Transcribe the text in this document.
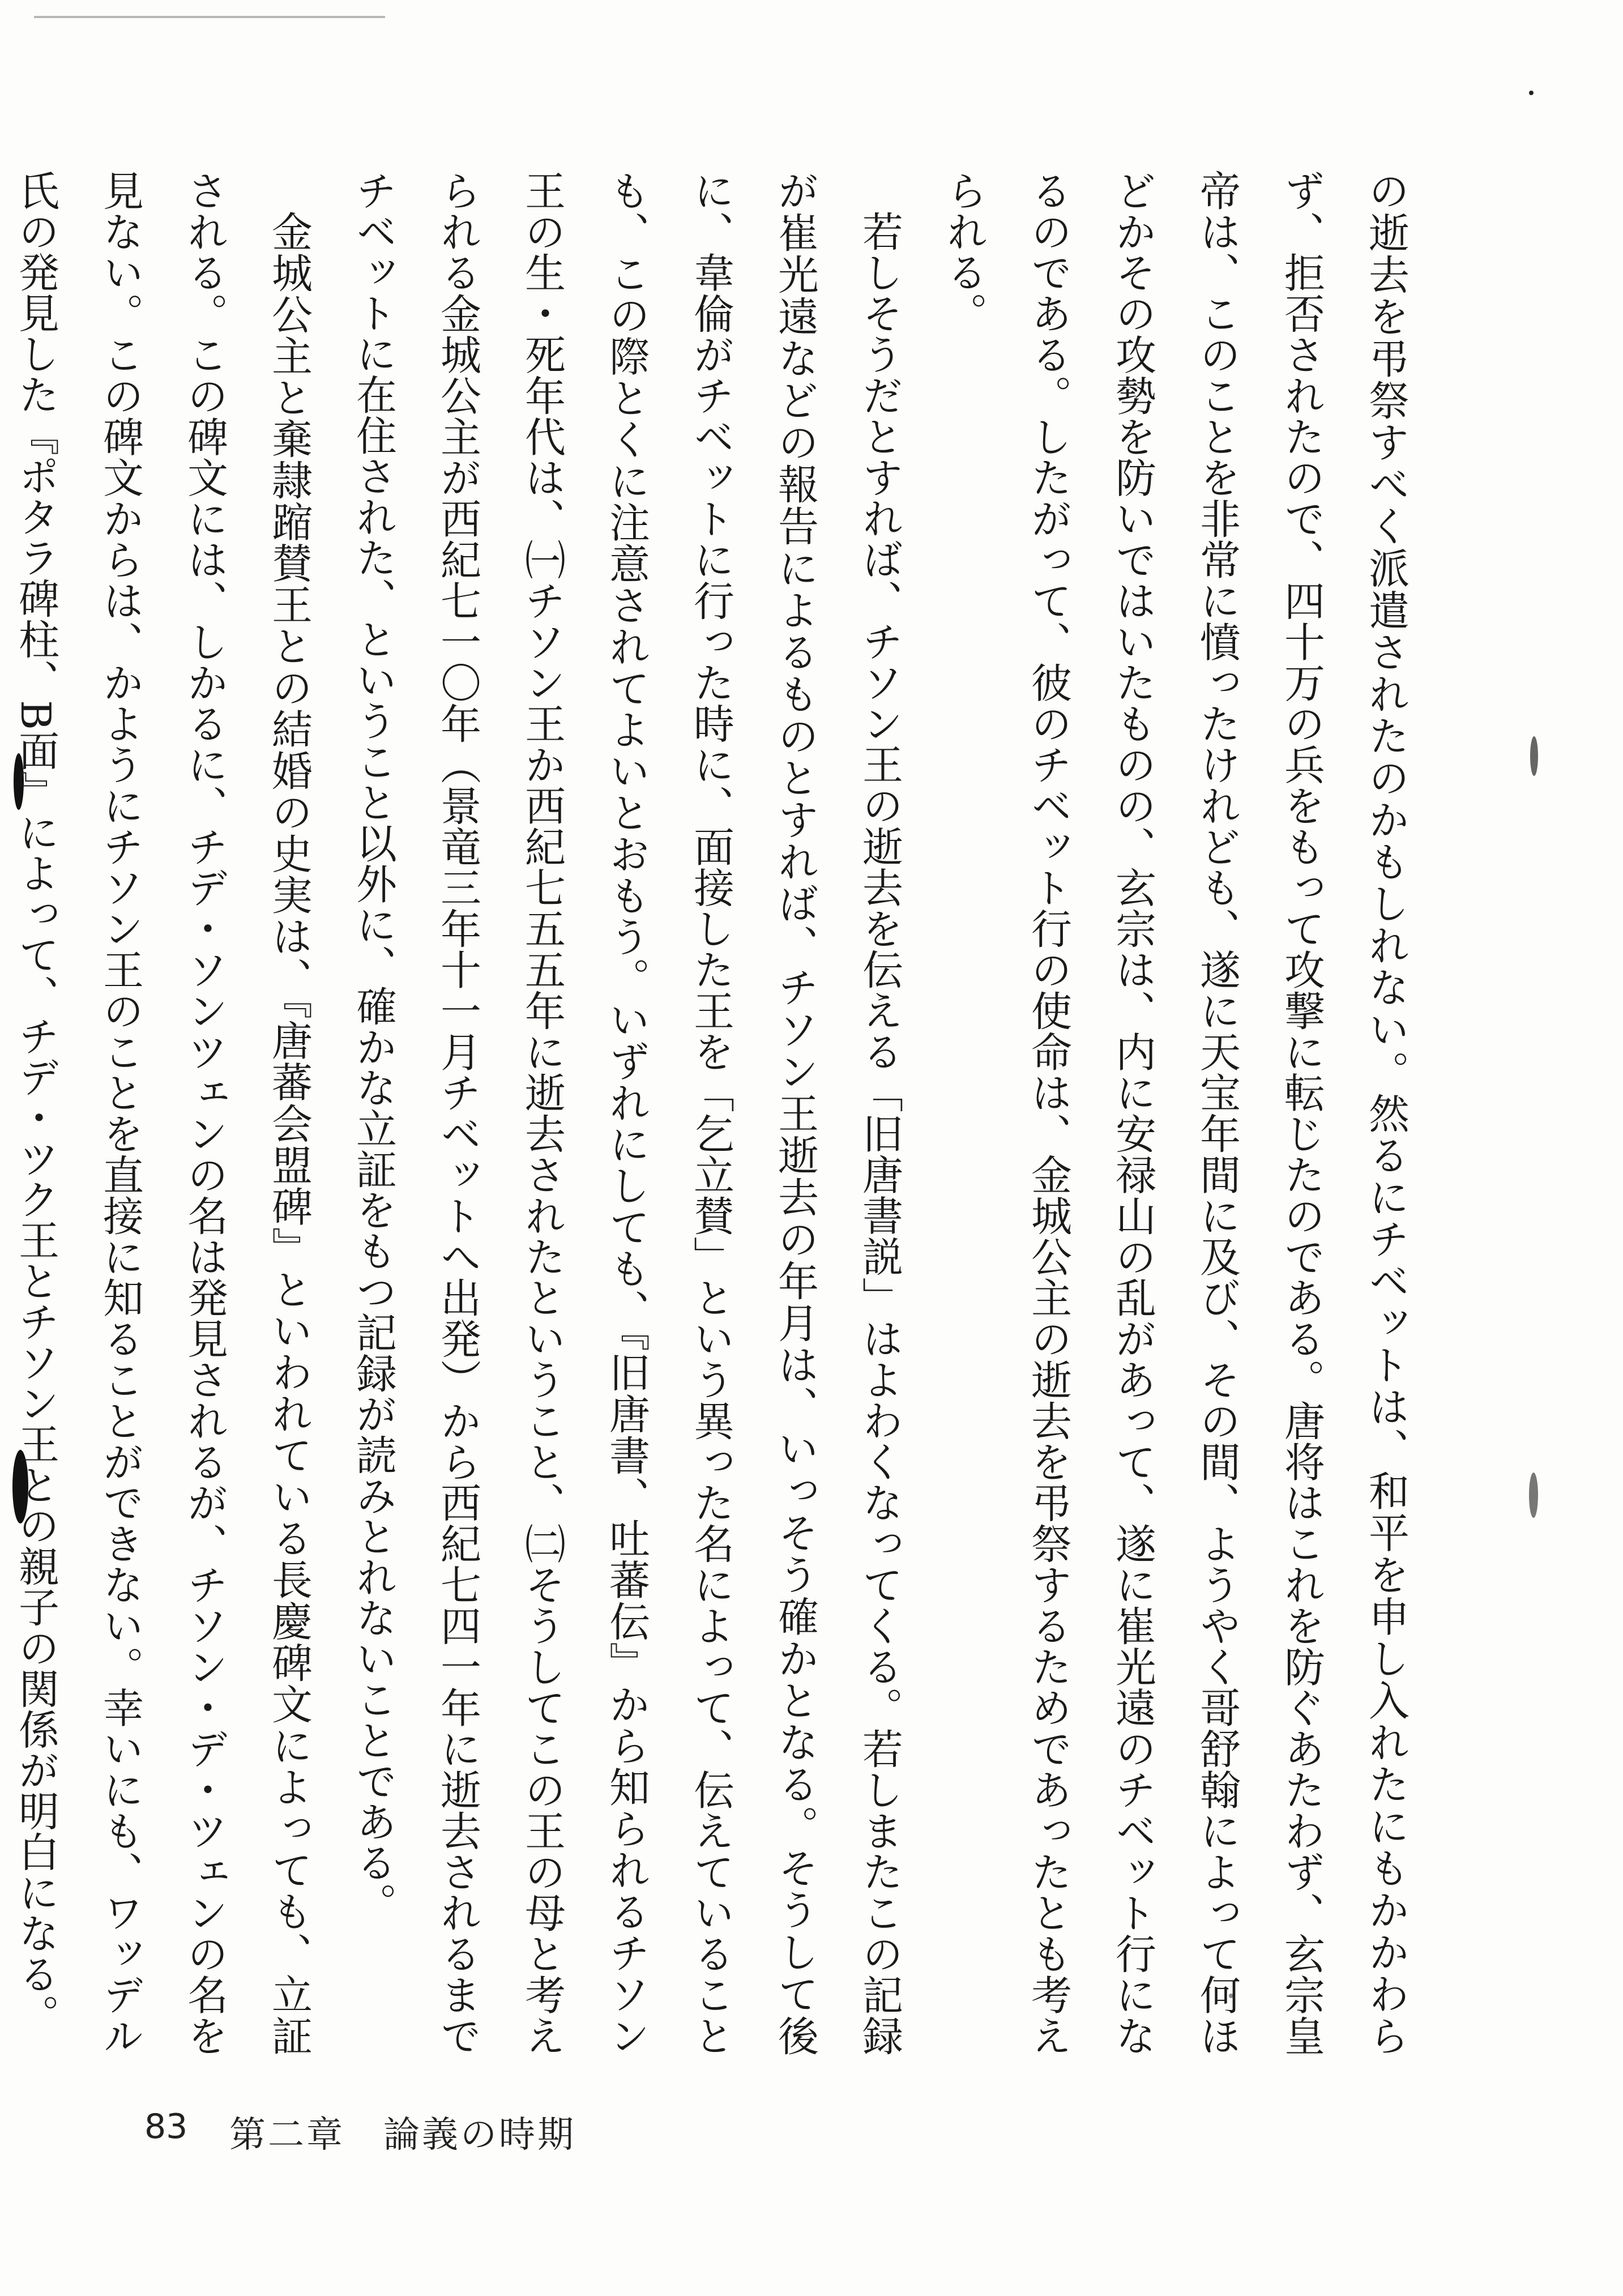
の逝去を弔祭すべく派遣されたのかもしれない。然るにチベットは、和平を申し入れたにもかかわらず、拒否されたので、四十万の兵をもって攻撃に転じたのである。唐将はこれを防ぐあたわず、玄宗皇帝は、このことを非常に憤ったけれども、遂に天宝年間に及び、その間、ようやく哥舒翰によって何ほどかその攻勢を防いではいたものの、玄宗は、内に安禄山の乱があって、遂に崔光遠のチベット行になるのである。したがって、彼のチベット行の使命は、金城公主の逝去を弔祭するためであったとも考えられる。

若しそうだとすれば、チソン王の逝去を伝える「旧唐書説」はよわくなってくる。若しまたこの記録が崔光遠などの報告によるものとすれば、チソン王逝去の年月は、いっそう確かとなる。そうして後に、韋倫がチベットに行った時に、面接した王を「乞立賛」という異った名によって、伝えていることも、この際とくに注意されてよいとおもう。いずれにしても、『旧唐書、吐蕃伝』から知られるチソン王の生・死年代は、㈠チソン王か西紀七五五年に逝去されたということ、㈡そうしてこの王の母と考えられる金城公主が西紀七一〇年（景竜三年十一月チベットへ出発）から西紀七四一年に逝去されるまでチベットに在住された、ということ以外に、確かな立証をもつ記録が読みとれないことである。

金城公主と棄隷蹜賛王との結婚の史実は、『唐蕃会盟碑』といわれている長慶碑文によっても、立証される。この碑文には、しかるに、チデ・ソンツェンの名は発見されるが、チソン・デ・ツェンの名を見ない。この碑文からは、かようにチソン王のことを直接に知ることができない。幸いにも、ワッデル氏の発見した『ポタラ碑柱、B面』によって、チデ・ツク王とチソン王との親子の関係が明白になる。

83 第二章　論義の時期
